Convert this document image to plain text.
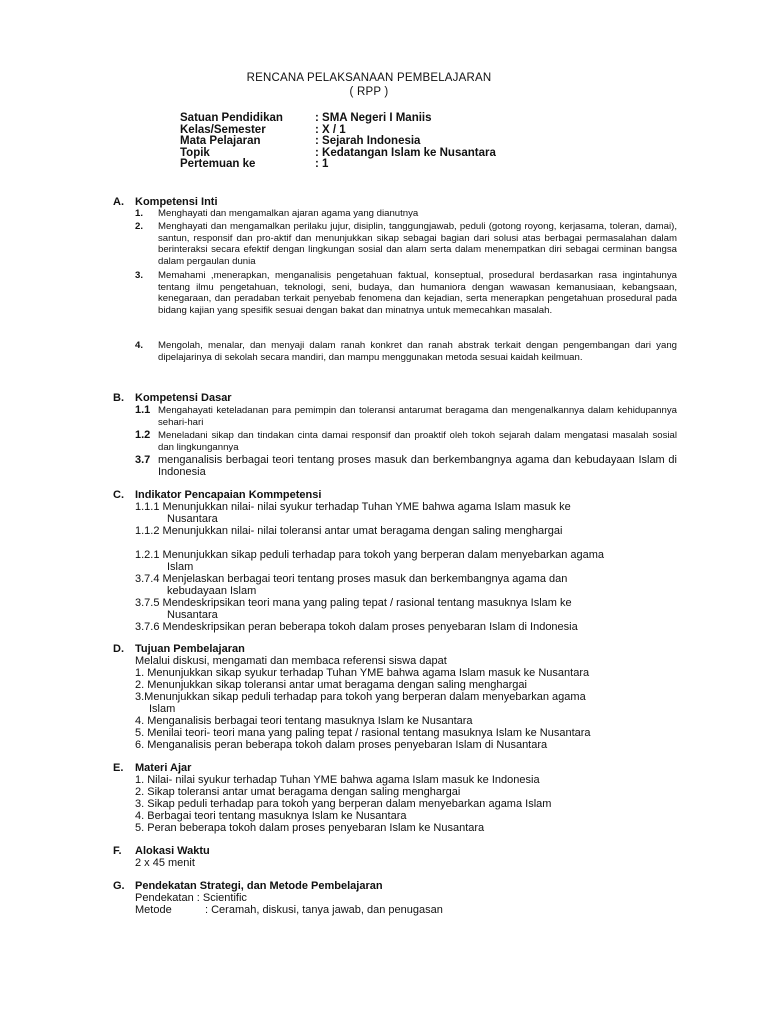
RENCANA PELAKSANAAN PEMBELAJARAN
( RPP )
Satuan Pendidikan	: SMA Negeri I Maniis
Kelas/Semester	: X / 1
Mata Pelajaran	: Sejarah Indonesia
Topik	: Kedatangan Islam ke Nusantara
Pertemuan ke	: 1
A. Kompetensi Inti
1. Menghayati dan mengamalkan ajaran agama yang dianutnya
2. Menghayati dan mengamalkan perilaku jujur, disiplin, tanggungjawab, peduli (gotong royong, kerjasama, toleran, damai), santun, responsif dan pro-aktif dan menunjukkan sikap sebagai bagian dari solusi atas berbagai permasalahan dalam berinteraksi secara efektif dengan lingkungan sosial dan alam serta dalam menempatkan diri sebagai cerminan bangsa dalam pergaulan dunia
3. Memahami ,menerapkan, menganalisis pengetahuan faktual, konseptual, prosedural berdasarkan rasa ingintahunya tentang ilmu pengetahuan, teknologi, seni, budaya, dan humaniora dengan wawasan kemanusiaan, kebangsaan, kenegaraan, dan peradaban terkait penyebab fenomena dan kejadian, serta menerapkan pengetahuan prosedural pada bidang kajian yang spesifik sesuai dengan bakat dan minatnya untuk memecahkan masalah.
4. Mengolah, menalar, dan menyaji dalam ranah konkret dan ranah abstrak terkait dengan pengembangan dari yang dipelajarinya di sekolah secara mandiri, dan mampu menggunakan metoda sesuai kaidah keilmuan.
B. Kompetensi Dasar
1.1 Mengahayati keteladanan para pemimpin dan toleransi antarumat beragama dan mengenalkannya dalam kehidupannya sehari-hari
1.2 Meneladani sikap dan tindakan cinta damai responsif dan proaktif oleh tokoh sejarah dalam mengatasi masalah sosial dan lingkungannya
3.7 menganalisis berbagai teori tentang proses masuk dan berkembangnya agama dan kebudayaan Islam di Indonesia
C. Indikator Pencapaian Kommpetensi
1.1.1 Menunjukkan nilai- nilai syukur terhadap Tuhan YME bahwa agama Islam masuk ke
Nusantara
1.1.2 Menunjukkan nilai- nilai toleransi antar umat beragama dengan saling menghargai
1.2.1 Menunjukkan sikap peduli terhadap para tokoh yang berperan dalam menyebarkan agama
Islam
3.7.4 Menjelaskan berbagai teori tentang proses masuk dan berkembangnya agama dan
kebudayaan Islam
3.7.5 Mendeskripsikan teori mana yang paling tepat / rasional tentang masuknya Islam ke
Nusantara
3.7.6 Mendeskripsikan peran beberapa tokoh dalam proses penyebaran Islam di Indonesia
D. Tujuan Pembelajaran
Melalui diskusi, mengamati dan membaca referensi siswa dapat
1. Menunjukkan sikap syukur terhadap Tuhan YME bahwa agama Islam masuk ke Nusantara
2. Menunjukkan sikap toleransi antar umat beragama dengan saling menghargai
3.Menunjukkan sikap peduli terhadap para tokoh yang berperan dalam menyebarkan agama
Islam
4. Menganalisis berbagai teori tentang masuknya Islam ke Nusantara
5. Menilai teori- teori mana yang paling tepat / rasional tentang masuknya Islam ke Nusantara
6. Menganalisis peran beberapa tokoh dalam proses penyebaran Islam di Nusantara
E. Materi Ajar
1. Nilai- nilai syukur terhadap Tuhan YME bahwa agama Islam masuk ke Indonesia
2. Sikap toleransi antar umat beragama dengan saling menghargai
3. Sikap peduli terhadap para tokoh yang berperan dalam menyebarkan agama Islam
4. Berbagai teori tentang masuknya Islam ke Nusantara
5. Peran beberapa tokoh dalam proses penyebaran Islam ke Nusantara
F. Alokasi Waktu
2 x 45 menit
G. Pendekatan Strategi, dan Metode Pembelajaran
Pendekatan : Scientific
Metode	: Ceramah, diskusi, tanya jawab, dan penugasan
